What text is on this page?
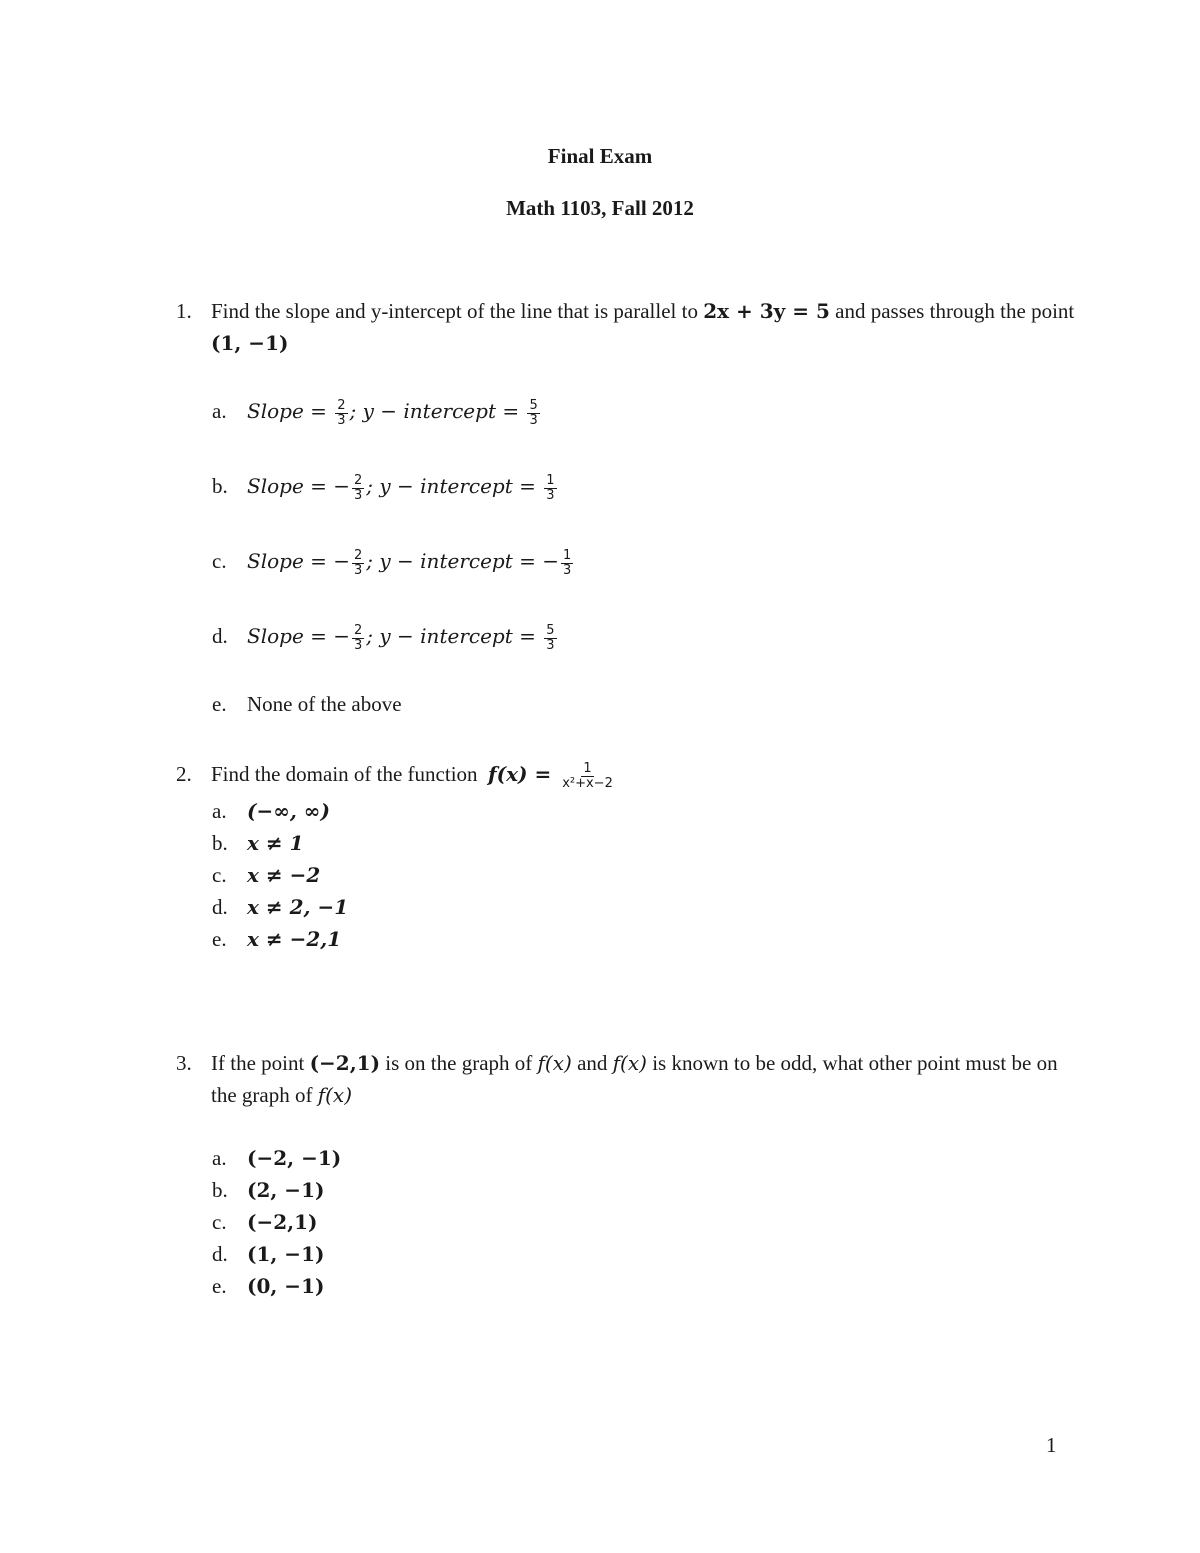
Final Exam
Math 1103, Fall 2012
1. Find the slope and y-intercept of the line that is parallel to 2x + 3y = 5 and passes through the point (1, −1)
a. Slope = $\frac{2}{3}$ ; y − intercept = $\frac{5}{3}$
b. Slope = − $\frac{2}{3}$ ; y − intercept = $\frac{1}{3}$
c. Slope = − $\frac{2}{3}$ ; y − intercept = − $\frac{1}{3}$
d. Slope = − $\frac{2}{3}$ ; y − intercept = $\frac{5}{3}$
e. None of the above
2. Find the domain of the function $f(x) = \frac{1}{\text{x²+x−2}}$
a. (−∞, ∞)
b. x ≠ 1
c. x ≠ −2
d. x ≠ 2, −1
e. x ≠ −2,1
3. If the point (−2,1) is on the graph of f(x) and f(x) is known to be odd, what other point must be on the graph of f(x)
a. (−2, −1)
b. (2, −1)
c. (−2,1)
d. (1, −1)
e. (0, −1)
1
